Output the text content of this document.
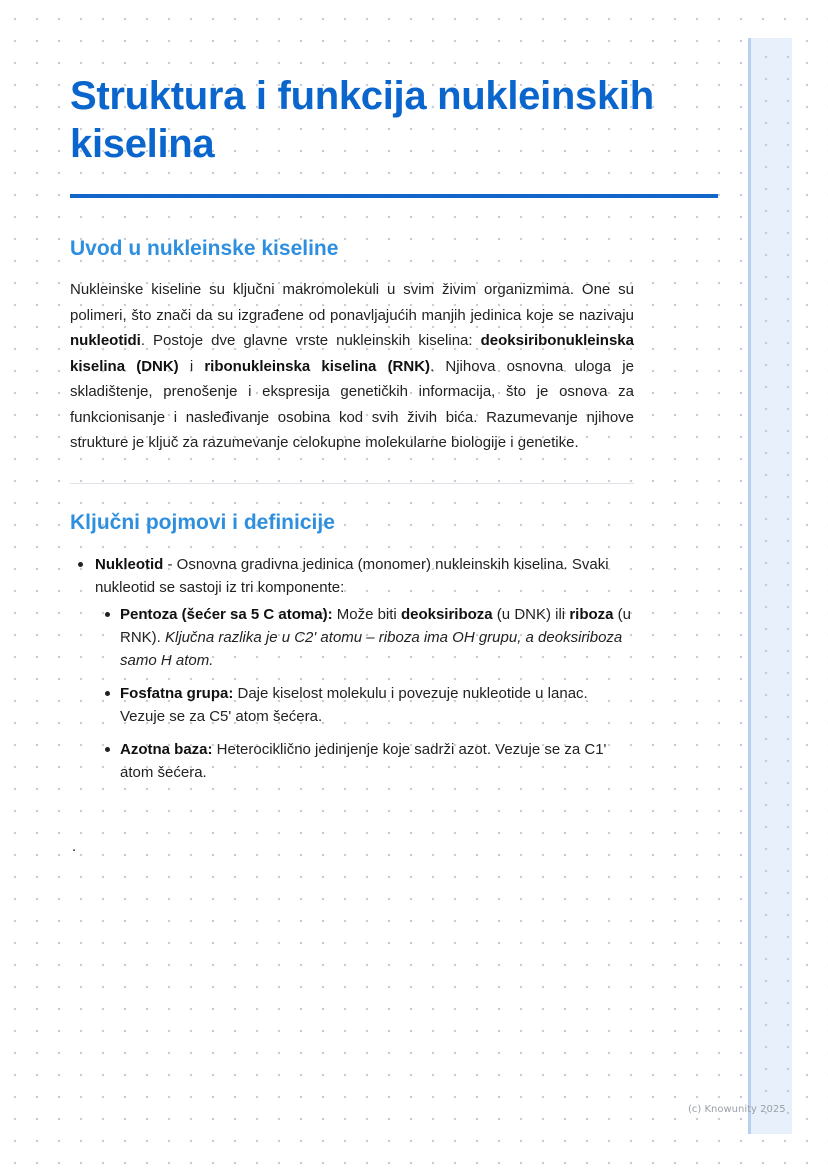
Struktura i funkcija nukleinskih kiselina
Uvod u nukleinske kiseline

Nukleinske kiseline su ključni makromolekuli u svim živim organizmima. One su polimeri, što znači da su izgrađene od ponavljajućih manjih jedinica koje se nazivaju nukleotidi. Postoje dve glavne vrste nukleinskih kiselina: deoksiribonukleinska kiselina (DNK) i ribonukleinska kiselina (RNK). Njihova osnovna uloga je skladištenje, prenošenje i ekspresija genetičkih informacija, što je osnova za funkcionisanje i nasleđivanje osobina kod svih živih bića. Razumevanje njihove strukture je ključ za razumevanje celokupne molekularne biologije i genetike.

Ključni pojmovi i definicije
Nukleotid - Osnovna gradivna jedinica (monomer) nukleinskih kiselina. Svaki nukleotid se sastoji iz tri komponente:
Pentoza (šećer sa 5 C atoma): Može biti deoksiriboza (u DNK) ili riboza (u RNK). Ključna razlika je u C2' atomu – riboza ima OH grupu, a deoksiriboza samo H atom.
Fosfatna grupa: Daje kiselost molekulu i povezuje nukleotide u lanac. Vezuje se za C5' atom šećera.
Azotna baza: Heterociklično jedinjenje koje sadrži azot. Vezuje se za C1' atom šećera.
.
(c) Knowunity 2025
